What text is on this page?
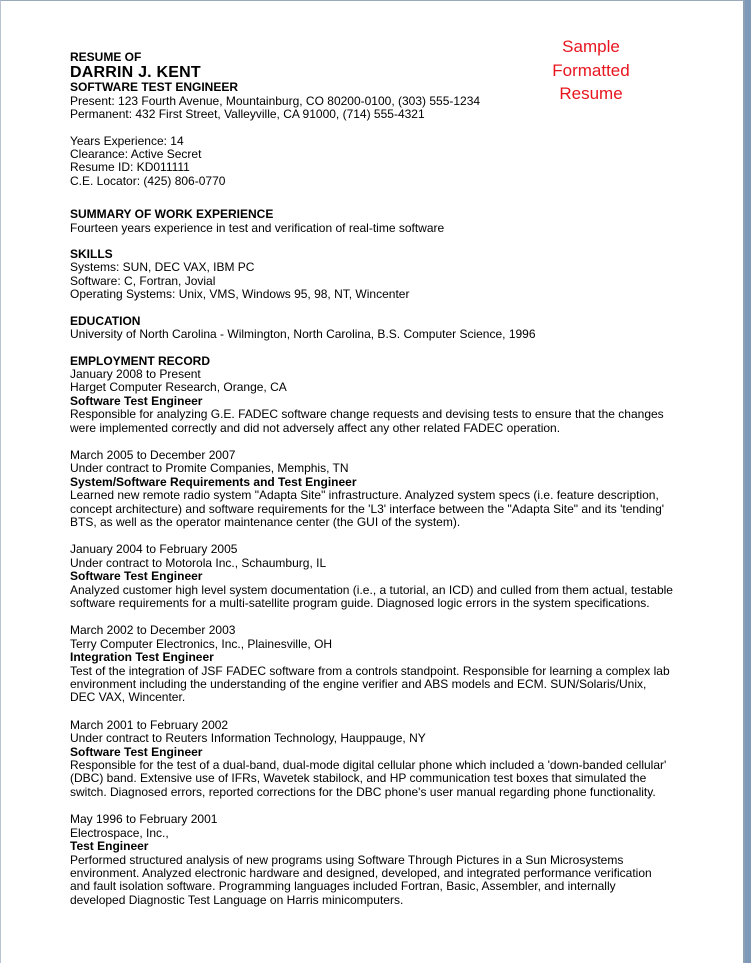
Sample
Formatted
Resume
RESUME OF
DARRIN J. KENT
SOFTWARE TEST ENGINEER
Present: 123 Fourth Avenue, Mountainburg, CO 80200-0100, (303) 555-1234
Permanent: 432 First Street, Valleyville, CA 91000, (714) 555-4321
Years Experience: 14
Clearance: Active Secret
Resume ID: KD011111
C.E. Locator: (425) 806-0770
SUMMARY OF WORK EXPERIENCE
Fourteen years experience in test and verification of real-time software
SKILLS
Systems: SUN, DEC VAX, IBM PC
Software: C, Fortran, Jovial
Operating Systems: Unix, VMS, Windows 95, 98, NT, Wincenter
EDUCATION
University of North Carolina - Wilmington, North Carolina, B.S. Computer Science, 1996
EMPLOYMENT RECORD
January 2008 to Present
Harget Computer Research, Orange, CA
Software Test Engineer
Responsible for analyzing G.E. FADEC software change requests and devising tests to ensure that the changes
were implemented correctly and did not adversely affect any other related FADEC operation.
March 2005 to December 2007
Under contract to Promite Companies, Memphis, TN
System/Software Requirements and Test Engineer
Learned new remote radio system "Adapta Site" infrastructure. Analyzed system specs (i.e. feature description,
concept architecture) and software requirements for the 'L3' interface between the "Adapta Site" and its 'tending'
BTS, as well as the operator maintenance center (the GUI of the system).
January 2004 to February 2005
Under contract to Motorola Inc., Schaumburg, IL
Software Test Engineer
Analyzed customer high level system documentation (i.e., a tutorial, an ICD) and culled from them actual, testable
software requirements for a multi-satellite program guide. Diagnosed logic errors in the system specifications.
March 2002 to December 2003
Terry Computer Electronics, Inc., Plainesville, OH
Integration Test Engineer
Test of the integration of JSF FADEC software from a controls standpoint. Responsible for learning a complex lab
environment including the understanding of the engine verifier and ABS models and ECM. SUN/Solaris/Unix,
DEC VAX, Wincenter.
March 2001 to February 2002
Under contract to Reuters Information Technology, Hauppauge, NY
Software Test Engineer
Responsible for the test of a dual-band, dual-mode digital cellular phone which included a 'down-banded cellular'
(DBC) band. Extensive use of IFRs, Wavetek stabilock, and HP communication test boxes that simulated the
switch. Diagnosed errors, reported corrections for the DBC phone's user manual regarding phone functionality.
May 1996 to February 2001
Electrospace, Inc.,
Test Engineer
Performed structured analysis of new programs using Software Through Pictures in a Sun Microsystems
environment. Analyzed electronic hardware and designed, developed, and integrated performance verification
and fault isolation software. Programming languages included Fortran, Basic, Assembler, and internally
developed Diagnostic Test Language on Harris minicomputers.
